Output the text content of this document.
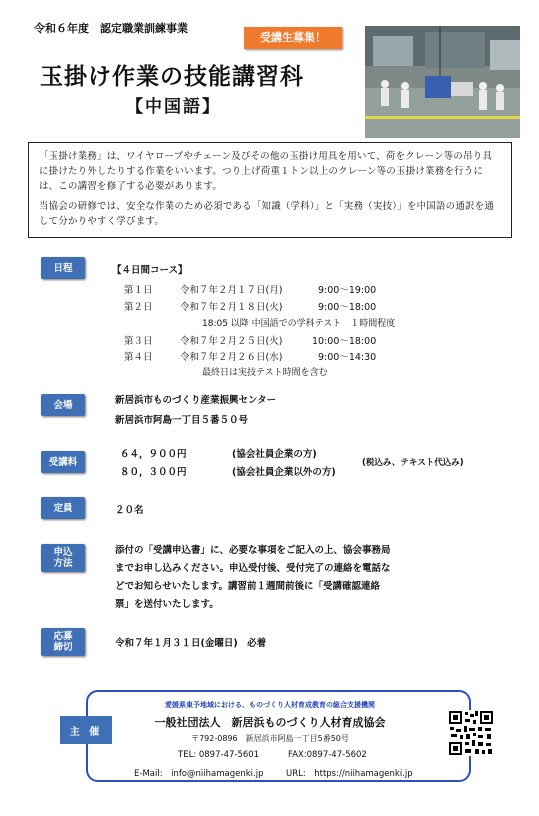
令和６年度　認定職業訓練事業
受講生募集！
玉掛け作業の技能講習科
【中国語】

「玉掛け業務」は、ワイヤロープやチェーン及びその他の玉掛け用具を用いて、荷をクレーン等の吊り具に掛けたり外したりする作業をいいます。つり上げ荷重１トン以上のクレーン等の玉掛け業務を行うには、この講習を修了する必要があります。

当協会の研修では、安全な作業のため必須である「知識（学科）」と「実務（実技）」を中国語の通訳を通して分かりやすく学びます。

日程	【４日間コース】
第１日	令和７年２月１７日(月)	9:00～19:00
第２日	令和７年２月１８日(火)	9:00～18:00
18:05 以降 中国語での学科テスト　１時間程度
第３日	令和７年２月２５日(火)	10:00～18:00
第４日	令和７年２月２６日(水)	9:00～14:30
最終日は実技テスト時間を含む
会場	新居浜市ものづくり産業振興センター
新居浜市阿島一丁目５番５０号
受講料
６４，９００円	(協会社員企業の方)
８０，３００円	(協会社員企業以外の方)
(税込み、テキスト代込み)
定員	２０名
申込
方法
添付の「受講申込書」に、必要な事項をご記入の上、協会事務局
までお申し込みください。申込受付後、受付完了の連絡を電話な
どでお知らせいたします。講習前１週間前後に「受講確認連絡
票」を送付いたします。
応募
締切	令和７年１月３１日(金曜日)　必着
主 催
愛媛県東予地域における、ものづくり人材育成教育の総合支援機関
一般社団法人　新居浜ものづくり人材育成協会
〒792-0896　新居浜市阿島一丁目5番50号
TEL: 0897-47-5601	FAX:0897-47-5602
E-Mail:　info@niihamagenki.jp	URL:　https://niihamagenki.jp
